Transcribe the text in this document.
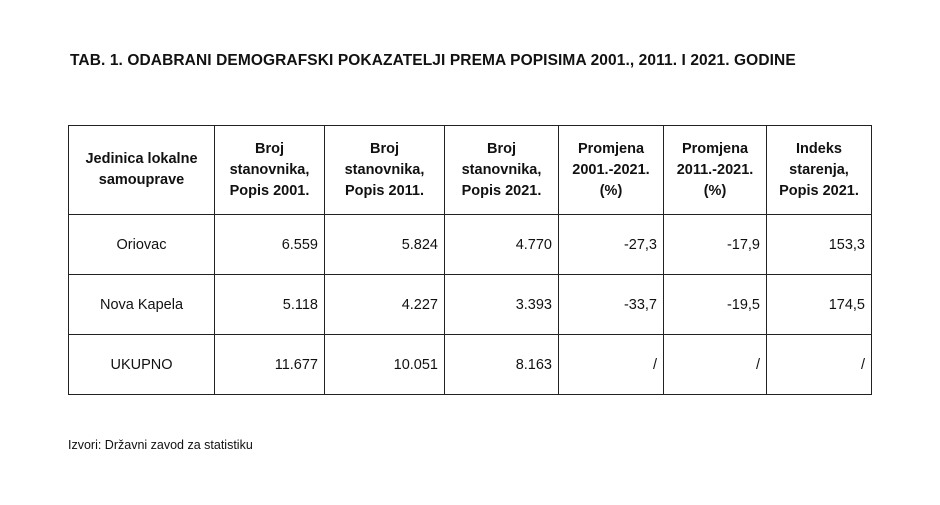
TAB. 1. ODABRANI DEMOGRAFSKI POKAZATELJI PREMA POPISIMA 2001., 2011. I 2021. GODINE
Jedinica lokalne samouprave	Broj stanovnika, Popis 2001.	Broj stanovnika, Popis 2011.	Broj stanovnika, Popis 2021.	Promjena 2001.-2021. (%)	Promjena 2011.-2021. (%)	Indeks starenja, Popis 2021.
Oriovac	6.559	5.824	4.770	-27,3	-17,9	153,3
Nova Kapela	5.118	4.227	3.393	-33,7	-19,5	174,5
UKUPNO	11.677	10.051	8.163	/	/	/
Izvori: Državni zavod za statistiku
